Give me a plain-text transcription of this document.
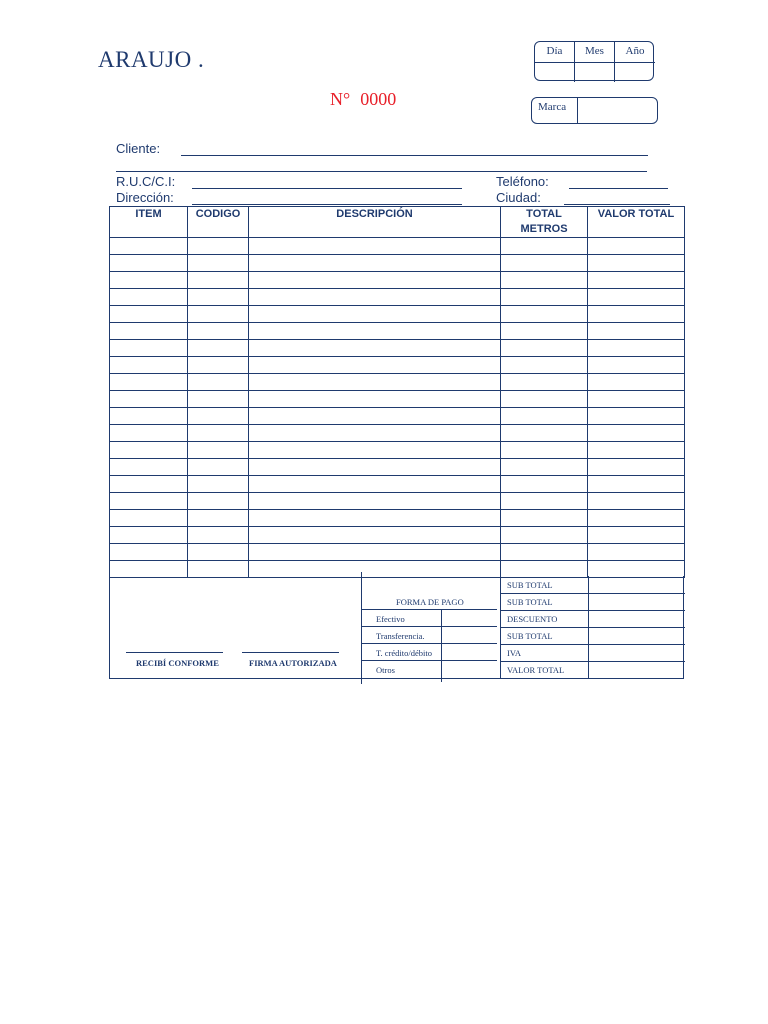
ARAUJO .
N° 0000
Día	Mes	Año
Marca
Cliente:
R.U.C/C.I:	Teléfono:
Dirección:	Ciudad:
ITEM	CODIGO	DESCRIPCIÓN	TOTAL METROS	VALOR TOTAL

FORMA DE PAGO
Efectivo
Transferencia.
T. crédito/débito
Otros
SUB TOTAL
SUB TOTAL
DESCUENTO
SUB TOTAL
IVA
VALOR TOTAL
RECIBÍ CONFORME	FIRMA AUTORIZADA
